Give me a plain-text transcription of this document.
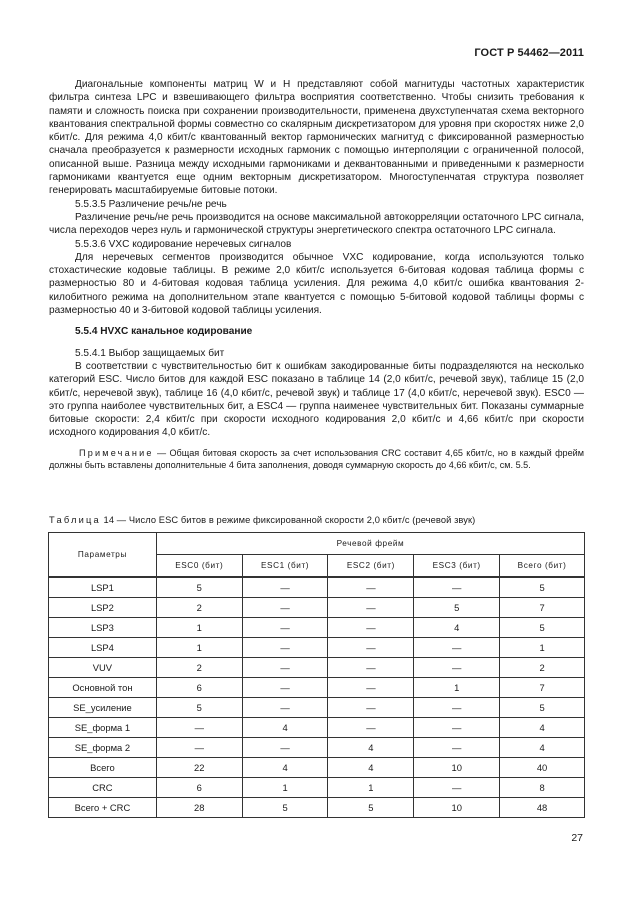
ГОСТ Р 54462—2011

Диагональные компоненты матриц W и H представляют собой магнитуды частотных характеристик фильтра синтеза LPC и взвешивающего фильтра восприятия соответственно. Чтобы снизить требования к памяти и сложность поиска при сохранении производительности, применена двухступенчатая схема векторного квантования спектральной формы совместно со скалярным дискретизатором для уровня при скоростях ниже 2,0 кбит/с. Для режима 4,0 кбит/с квантованный вектор гармонических магнитуд с фиксированной размерностью сначала преобразуется к размерности исходных гармоник с помощью интерполяции с ограниченной полосой, описанной выше. Разница между исходными гармониками и деквантованными и приведенными к размерности гармониками квантуется еще одним векторным дискретизатором. Многоступенчатая структура позволяет генерировать масштабируемые битовые потоки.

5.5.3.5 Различение речь/не речь

Различение речь/не речь производится на основе максимальной автокорреляции остаточного LPC сигнала, числа переходов через нуль и гармонической структуры энергетического спектра остаточного LPC сигнала.

5.5.3.6 VXC кодирование неречевых сигналов

Для неречевых сегментов производится обычное VXC кодирование, когда используются только стохастические кодовые таблицы. В режиме 2,0 кбит/с используется 6-битовая кодовая таблица формы с размерностью 80 и 4-битовая кодовая таблица усиления. Для режима 4,0 кбит/с ошибка квантования 2-килобитного режима на дополнительном этапе квантуется с помощью 5-битовой кодовой таблицы формы с размерностью 40 и 3-битовой кодовой таблицы усиления.

5.5.4 HVXC канальное кодирование

5.5.4.1 Выбор защищаемых бит

В соответствии с чувствительностью бит к ошибкам закодированные биты подразделяются на несколько категорий ESC. Число битов для каждой ESC показано в таблице 14 (2,0 кбит/с, речевой звук), таблице 15 (2,0 кбит/с, неречевой звук), таблице 16 (4,0 кбит/с, речевой звук) и таблице 17 (4,0 кбит/с, неречевой звук). ESC0 — это группа наиболее чувствительных бит, а ESC4 — группа наименее чувствительных бит. Показаны суммарные битовые скорости: 2,4 кбит/с при скорости исходного кодирования 2,0 кбит/с и 4,66 кбит/с при скорости исходного кодирования 4,0 кбит/с.

Примечание — Общая битовая скорость за счет использования CRC составит 4,65 кбит/с, но в каждый фрейм должны быть вставлены дополнительные 4 бита заполнения, доводя суммарную скорость до 4,66 кбит/с, см. 5.5.

Таблица 14 — Число ESC битов в режиме фиксированной скорости 2,0 кбит/с (речевой звук)
Параметры	Речевой фрейм				
	ESC0 (бит)	ESC1 (бит)	ESC2 (бит)	ESC3 (бит)	Всего (бит)
LSP1	5	—	—	—	5
LSP2	2	—	—	5	7
LSP3	1	—	—	4	5
LSP4	1	—	—	—	1
VUV	2	—	—	—	2
Основной тон	6	—	—	1	7
SE_усиление	5	—	—	—	5
SE_форма 1	—	4	—	—	4
SE_форма 2	—	—	4	—	4
Всего	22	4	4	10	40
CRC	6	1	1	—	8
Всего + CRC	28	5	5	10	48
27
